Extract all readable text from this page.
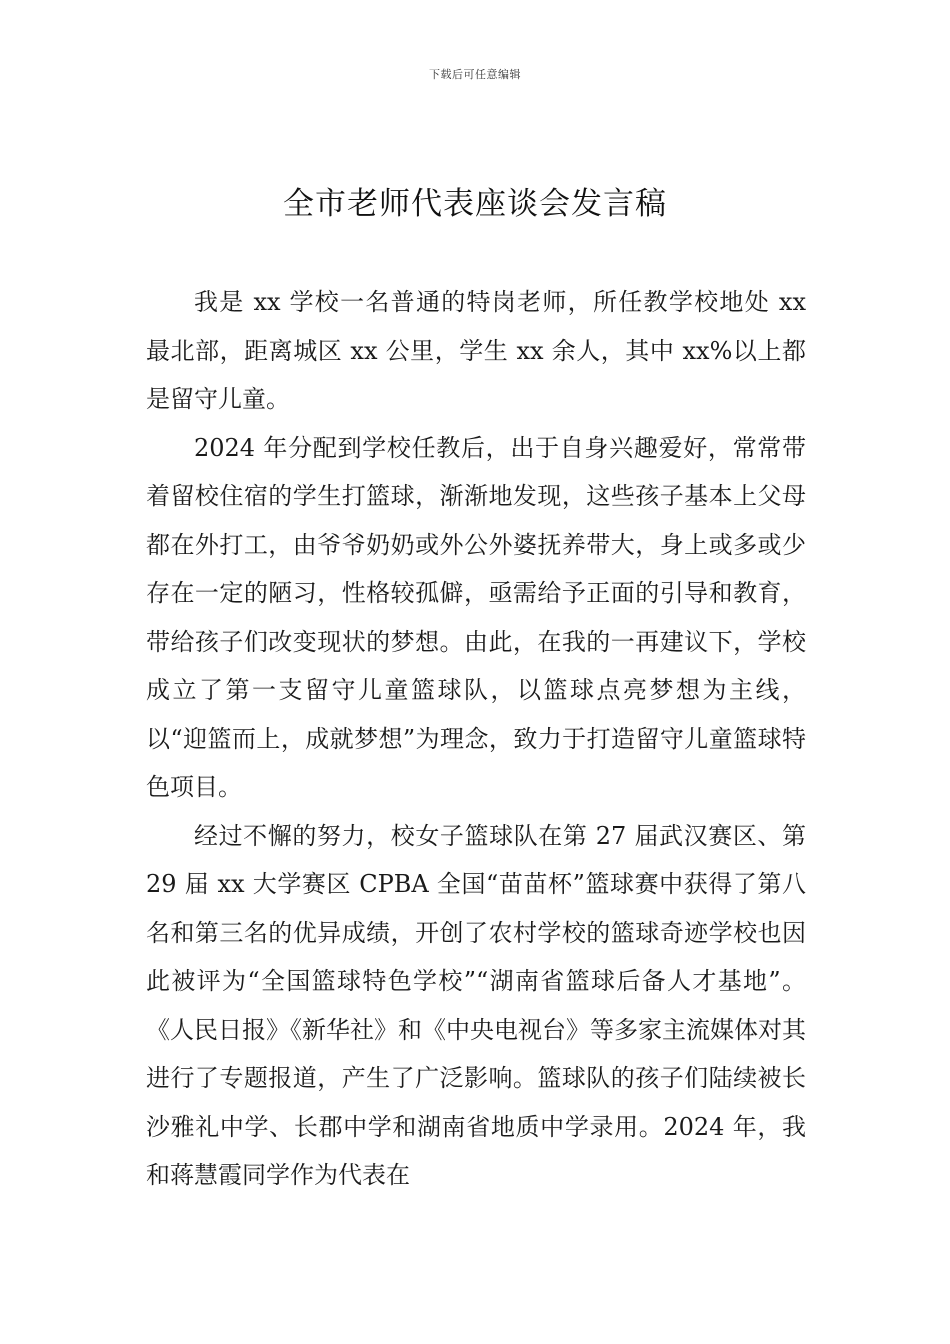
下载后可任意编辑
全市老师代表座谈会发言稿

我是 xx 学校一名普通的特岗老师，所任教学校地处 xx 最北部，距离城区 xx 公里，学生 xx 余人，其中 xx%以上都是留守儿童。

2024 年分配到学校任教后，出于自身兴趣爱好，常常带着留校住宿的学生打篮球，渐渐地发现，这些孩子基本上父母都在外打工，由爷爷奶奶或外公外婆抚养带大，身上或多或少存在一定的陋习，性格较孤僻，亟需给予正面的引导和教育，带给孩子们改变现状的梦想。由此，在我的一再建议下，学校成立了第一支留守儿童篮球队，以篮球点亮梦想为主线，以“迎篮而上，成就梦想”为理念，致力于打造留守儿童篮球特色项目。

经过不懈的努力，校女子篮球队在第 27 届武汉赛区、第 29 届 xx 大学赛区 CPBA 全国“苗苗杯”篮球赛中获得了第八名和第三名的优异成绩，开创了农村学校的篮球奇迹学校也因此被评为“全国篮球特色学校”“湖南省篮球后备人才基地”。《人民日报》《新华社》和《中央电视台》等多家主流媒体对其进行了专题报道，产生了广泛影响。篮球队的孩子们陆续被长沙雅礼中学、长郡中学和湖南省地质中学录用。2024 年，我和蒋慧霞同学作为代表在
